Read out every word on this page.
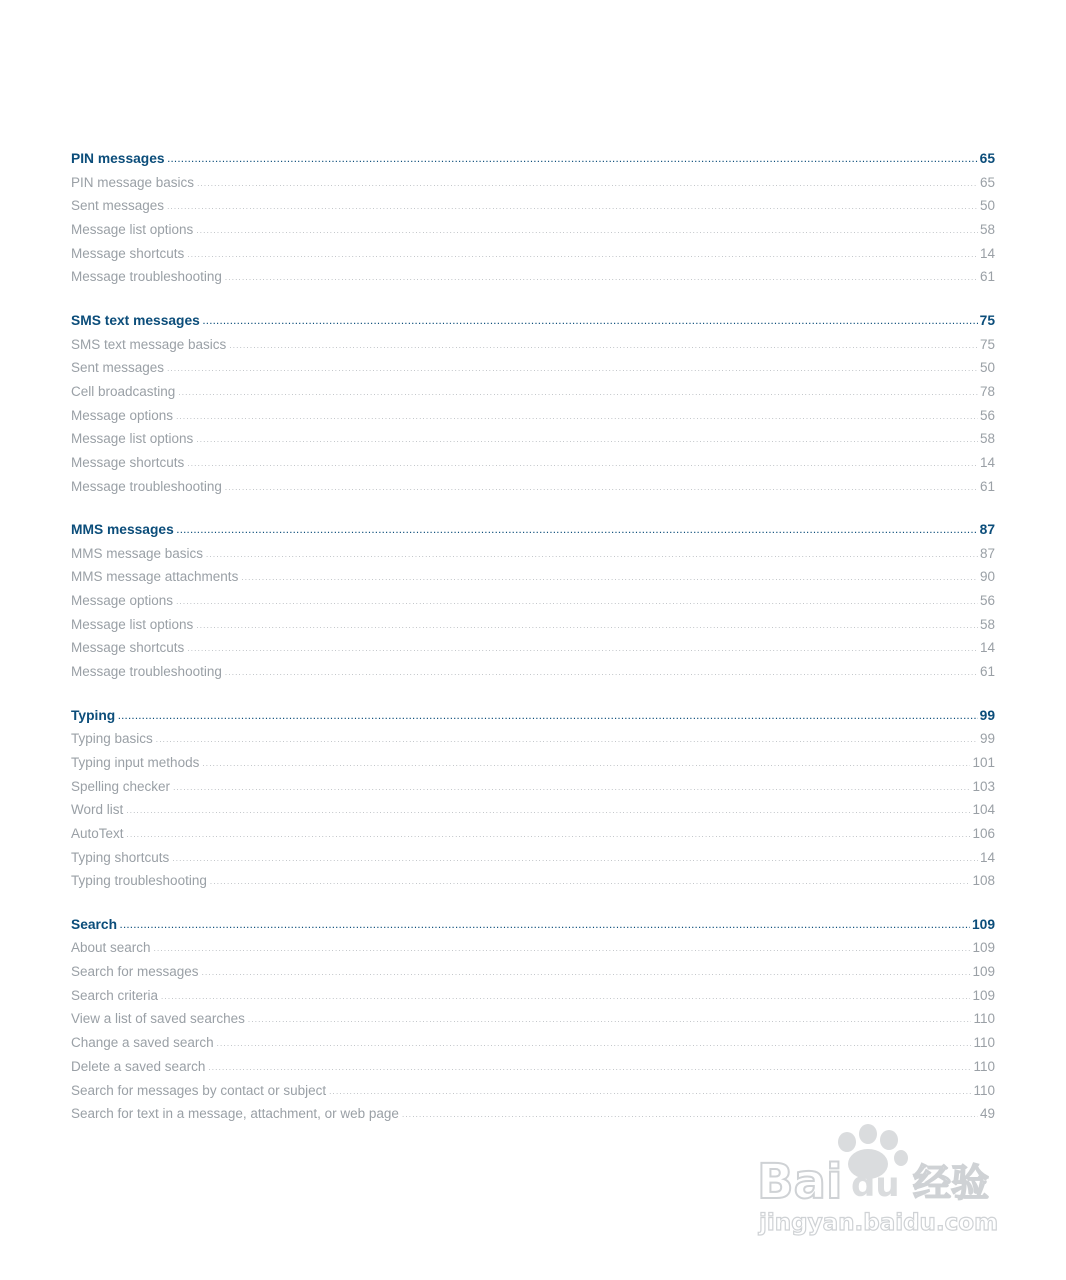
PIN messages .....	65
PIN message basics .....	65
Sent messages .....	50
Message list options .....	58
Message shortcuts .....	14
Message troubleshooting .....	61
SMS text messages .....	75
SMS text message basics .....	75
Sent messages .....	50
Cell broadcasting .....	78
Message options .....	56
Message list options .....	58
Message shortcuts .....	14
Message troubleshooting .....	61
MMS messages .....	87
MMS message basics .....	87
MMS message attachments .....	90
Message options .....	56
Message list options .....	58
Message shortcuts .....	14
Message troubleshooting .....	61
Typing .....	99
Typing basics .....	99
Typing input methods .....	101
Spelling checker .....	103
Word list .....	104
AutoText .....	106
Typing shortcuts .....	14
Typing troubleshooting .....	108
Search .....	109
About search .....	109
Search for messages .....	109
Search criteria .....	109
View a list of saved searches .....	110
Change a saved search .....	110
Delete a saved search .....	110
Search for messages by contact or subject .....	110
Search for text in a message, attachment, or web page .....	49
Bai du 经验
jingyan.baidu.com
